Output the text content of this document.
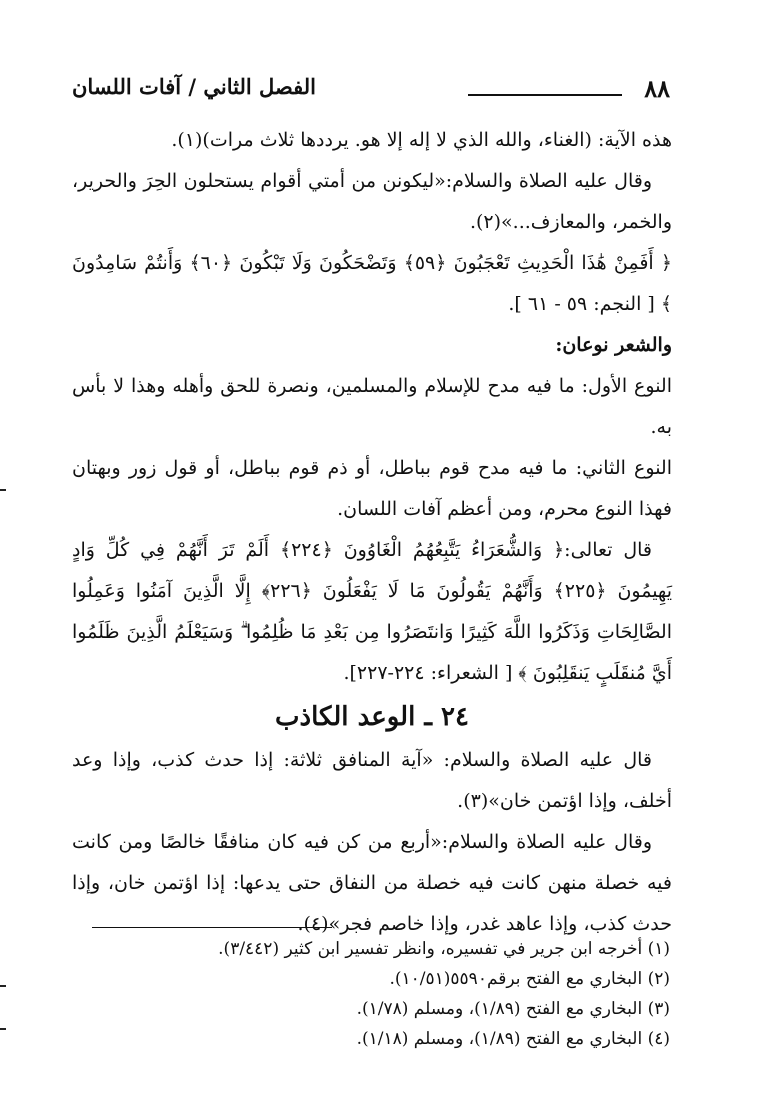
٨٨
الفصل الثاني / آفات اللسان

هذه الآية: (الغناء، والله الذي لا إله إلا هو. يرددها ثلاث مرات)(١).

وقال عليه الصلاة والسلام:«ليكونن من أمتي أقوام يستحلون الحِرَ والحرير، والخمر، والمعازف...»(٢).

﴿ أَفَمِنْ هَٰذَا الْحَدِيثِ تَعْجَبُونَ ﴿٥٩﴾ وَتَضْحَكُونَ وَلَا تَبْكُونَ ﴿٦٠﴾ وَأَنتُمْ سَامِدُونَ ﴾ [ النجم: ٥٩ - ٦١ ].

والشعر نوعان:

النوع الأول: ما فيه مدح للإسلام والمسلمين، ونصرة للحق وأهله وهذا لا بأس به.

النوع الثاني: ما فيه مدح قوم بباطل، أو ذم قوم بباطل، أو قول زور وبهتان فهذا النوع محرم، ومن أعظم آفات اللسان.

قال تعالى:﴿ وَالشُّعَرَاءُ يَتَّبِعُهُمُ الْغَاوُونَ ﴿٢٢٤﴾ أَلَمْ تَرَ أَنَّهُمْ فِي كُلِّ وَادٍ يَهِيمُونَ ﴿٢٢٥﴾ وَأَنَّهُمْ يَقُولُونَ مَا لَا يَفْعَلُونَ ﴿٢٢٦﴾ إِلَّا الَّذِينَ آمَنُوا وَعَمِلُوا الصَّالِحَاتِ وَذَكَرُوا اللَّهَ كَثِيرًا وَانتَصَرُوا مِن بَعْدِ مَا ظُلِمُوا ۗ وَسَيَعْلَمُ الَّذِينَ ظَلَمُوا أَيَّ مُنقَلَبٍ يَنقَلِبُونَ ﴾ [ الشعراء: ٢٢٤-٢٢٧].

٢٤ ـ الوعد الكاذب

قال عليه الصلاة والسلام: «آية المنافق ثلاثة: إذا حدث كذب، وإذا وعد أخلف، وإذا اؤتمن خان»(٣).

وقال عليه الصلاة والسلام:«أربع من كن فيه كان منافقًا خالصًا ومن كانت فيه خصلة منهن كانت فيه خصلة من النفاق حتى يدعها: إذا اؤتمن خان، وإذا حدث كذب، وإذا عاهد غدر، وإذا خاصم فجر»(٤).

(١) أخرجه ابن جرير في تفسيره، وانظر تفسير ابن كثير (٣/٤٤٢).
(٢) البخاري مع الفتح برقم٥٥٩٠(١٠/٥١).
(٣) البخاري مع الفتح (١/٨٩)، ومسلم (١/٧٨).
(٤) البخاري مع الفتح (١/٨٩)، ومسلم (١/١٨).
